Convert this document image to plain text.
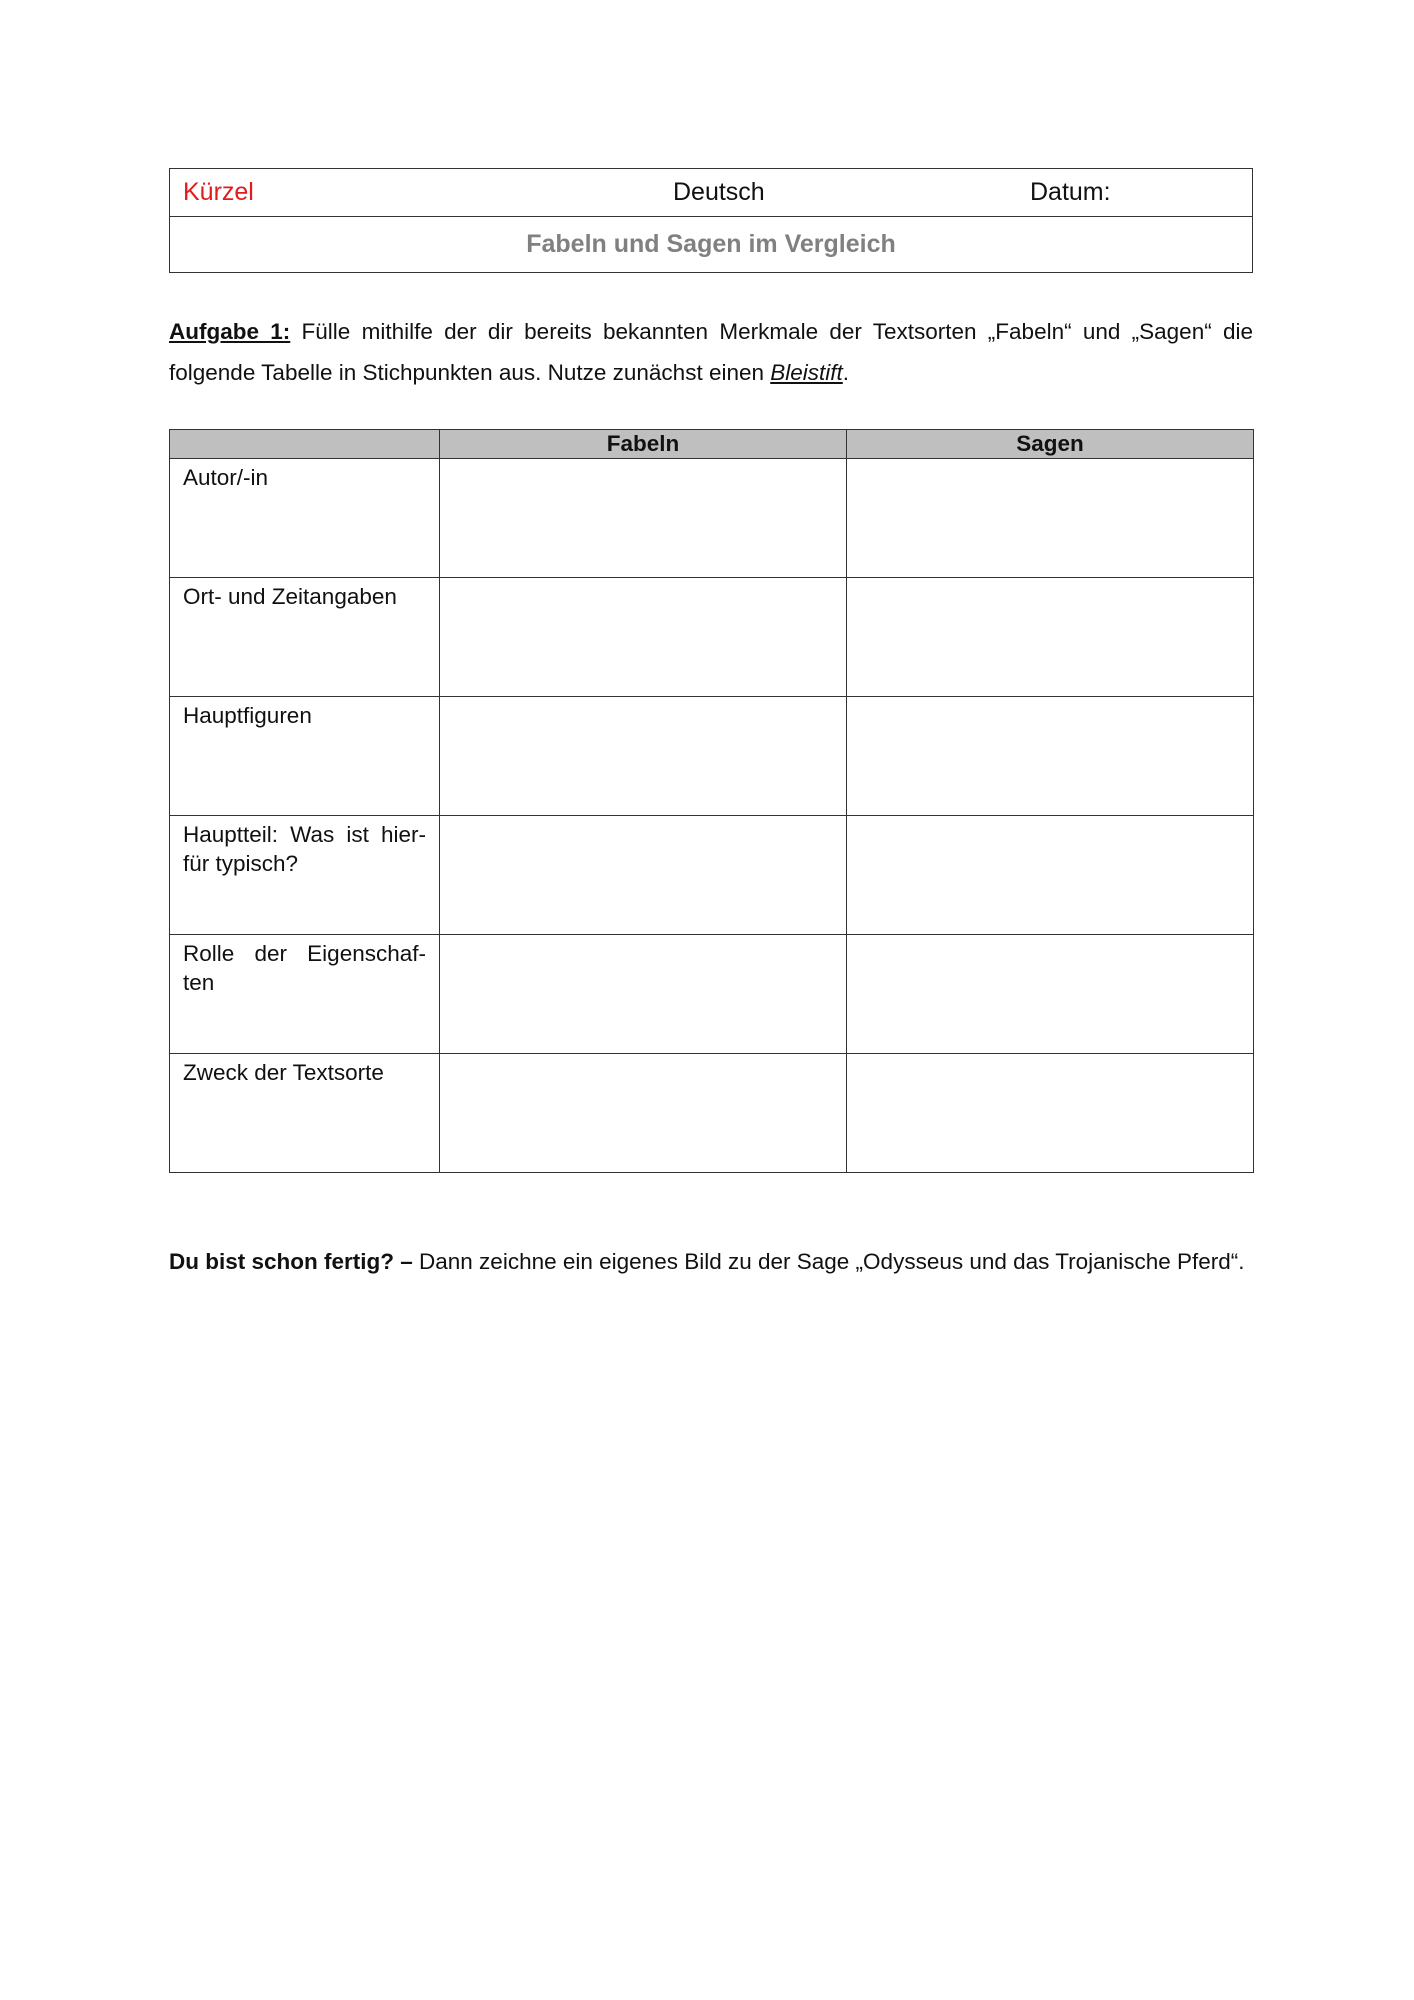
Kürzel	Deutsch	Datum:
Fabeln und Sagen im Vergleich

Aufgabe 1: Fülle mithilfe der dir bereits bekannten Merkmale der Textsorten „Fabeln“ und „Sagen“ die folgende Tabelle in Stichpunkten aus. Nutze zunächst einen Bleistift.

	Fabeln	Sagen
Autor/-in		
Ort- und Zeitangaben		
Hauptfiguren		
Hauptteil: Was ist hier-für typisch?		
Rolle der Eigenschaf-ten		
Zweck der Textsorte		

Du bist schon fertig? – Dann zeichne ein eigenes Bild zu der Sage „Odysseus und das Trojanische Pferd“.
